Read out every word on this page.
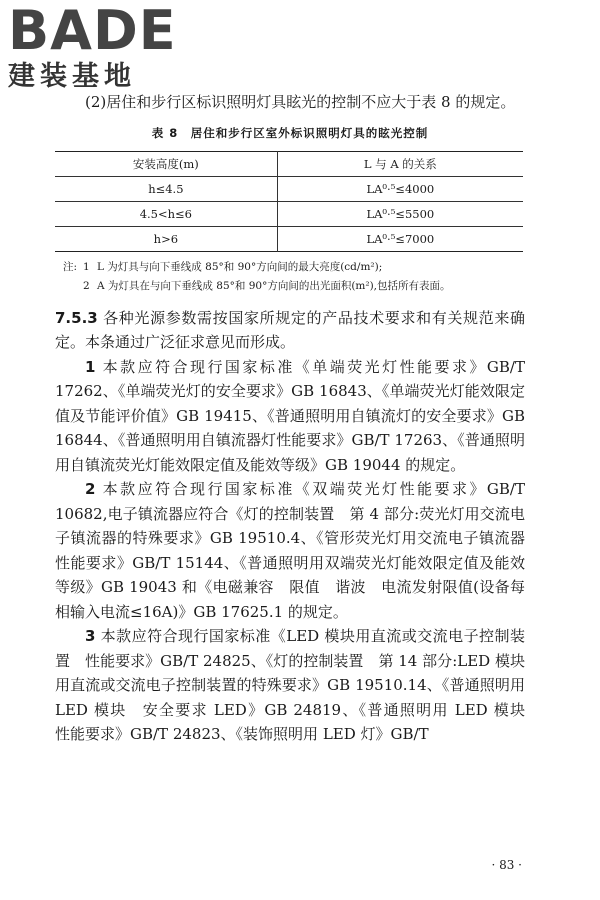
BADE
建装基地

(2)居住和步行区标识照明灯具眩光的控制不应大于表 8 的规定。

表 8　居住和步行区室外标识照明灯具的眩光控制
安装高度(m)	L 与 A 的关系
h≤4.5	LA⁰·⁵≤4000
4.5<h≤6	LA⁰·⁵≤5500
h>6	LA⁰·⁵≤7000
注: 1 L 为灯具与向下垂线成 85°和 90°方向间的最大亮度(cd/m²);
2 A 为灯具在与向下垂线成 85°和 90°方向间的出光面积(m²),包括所有表面。

7.5.3 各种光源参数需按国家所规定的产品技术要求和有关规范来确定。本条通过广泛征求意见而形成。

1 本款应符合现行国家标准《单端荧光灯性能要求》GB/T 17262、《单端荧光灯的安全要求》GB 16843、《单端荧光灯能效限定值及节能评价值》GB 19415、《普通照明用自镇流灯的安全要求》GB 16844、《普通照明用自镇流器灯性能要求》GB/T 17263、《普通照明用自镇流荧光灯能效限定值及能效等级》GB 19044 的规定。

2 本款应符合现行国家标准《双端荧光灯性能要求》GB/T 10682,电子镇流器应符合《灯的控制装置　第 4 部分:荧光灯用交流电子镇流器的特殊要求》GB 19510.4、《管形荧光灯用交流电子镇流器　性能要求》GB/T 15144、《普通照明用双端荧光灯能效限定值及能效等级》GB 19043 和《电磁兼容　限值　谐波　电流发射限值(设备每相输入电流≤16A)》GB 17625.1 的规定。

3 本款应符合现行国家标准《LED 模块用直流或交流电子控制装置　性能要求》GB/T 24825、《灯的控制装置　第 14 部分:LED 模块用直流或交流电子控制装置的特殊要求》GB 19510.14、《普通照明用 LED 模块　安全要求 LED》GB 24819、《普通照明用 LED 模块　性能要求》GB/T 24823、《装饰照明用 LED 灯》GB/T

· 83 ·
